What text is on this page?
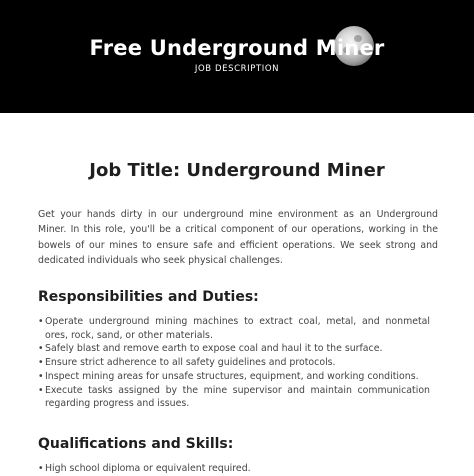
Free Underground Miner
JOB DESCRIPTION
Job Title: Underground Miner

Get your hands dirty in our underground mine environment as an Underground Miner. In this role, you'll be a critical component of our operations, working in the bowels of our mines to ensure safe and efficient operations. We seek strong and dedicated individuals who seek physical challenges.

Responsibilities and Duties:
• Operate underground mining machines to extract coal, metal, and nonmetal ores, rock, sand, or other materials.
• Safely blast and remove earth to expose coal and haul it to the surface.
• Ensure strict adherence to all safety guidelines and protocols.
• Inspect mining areas for unsafe structures, equipment, and working conditions.
• Execute tasks assigned by the mine supervisor and maintain communication regarding progress and issues.
Qualifications and Skills:
• High school diploma or equivalent required.
